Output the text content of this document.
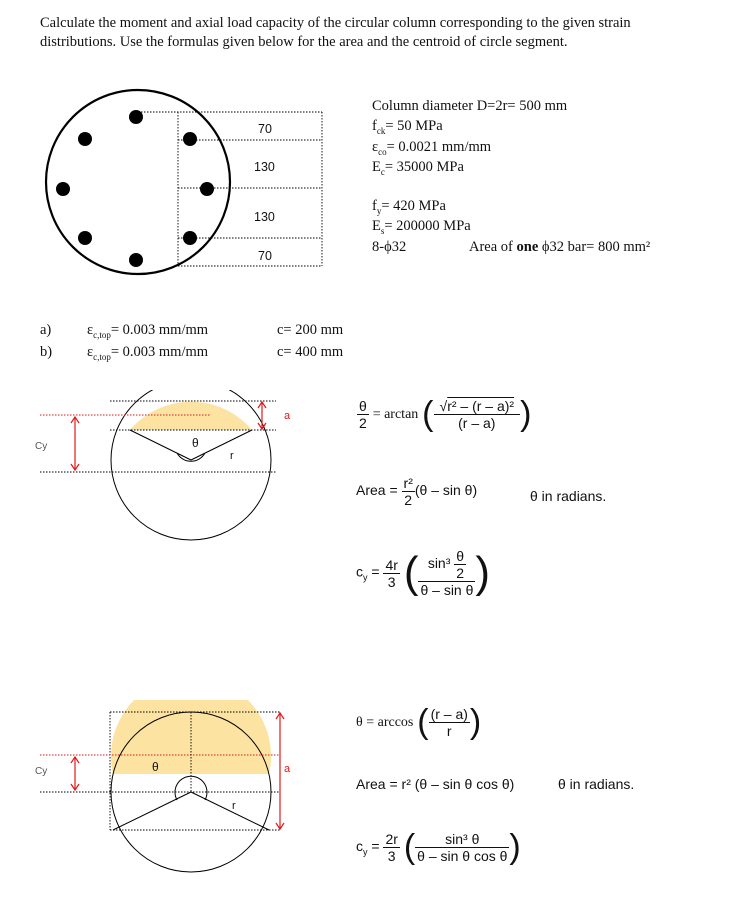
Calculate the moment and axial load capacity of the circular column corresponding to the given strain distributions. Use the formulas given below for the area and the centroid of circle segment.
70
130
130
70
Column diameter D=2r= 500 mm
$f_{ck}= 50$ MPa
$\varepsilon_{co}= 0.0021$ mm/mm
$E_c= 35000$ MPa
$f_y= 420$ MPa
$E_s= 200000$ MPa
8-ϕ32	Area of one ϕ32 bar= 800 mm²
a) $\varepsilon_{c,top}= 0.003$ mm/mm	c= 200 mm
b) $\varepsilon_{c,top}= 0.003$ mm/mm	c= 400 mm
Cy	θ
r
a	$\frac{\theta}{2} = \arctan$ ( $\frac{\text{√r² – (r – a)²}}{(r - a)}$ )
Area = $\frac{\text{r²}}{2} (\theta$ – sin θ)	θ in radians.
$c_y = \frac{4r}{3}$ ( $\frac{\sin^3 \frac{\theta}{2}}{\text{θ – sin θ}}$ )
Cy	θ
r
a
θ = arccos ( $\frac{(r - a)}{r}$ )
Area = r² (θ – sin θ cos θ)	θ in radians.
$c_y = \frac{2r}{3}$ ( $\frac{\text{sin³ θ}}{\text{θ – sin θ cos θ}}$ )
